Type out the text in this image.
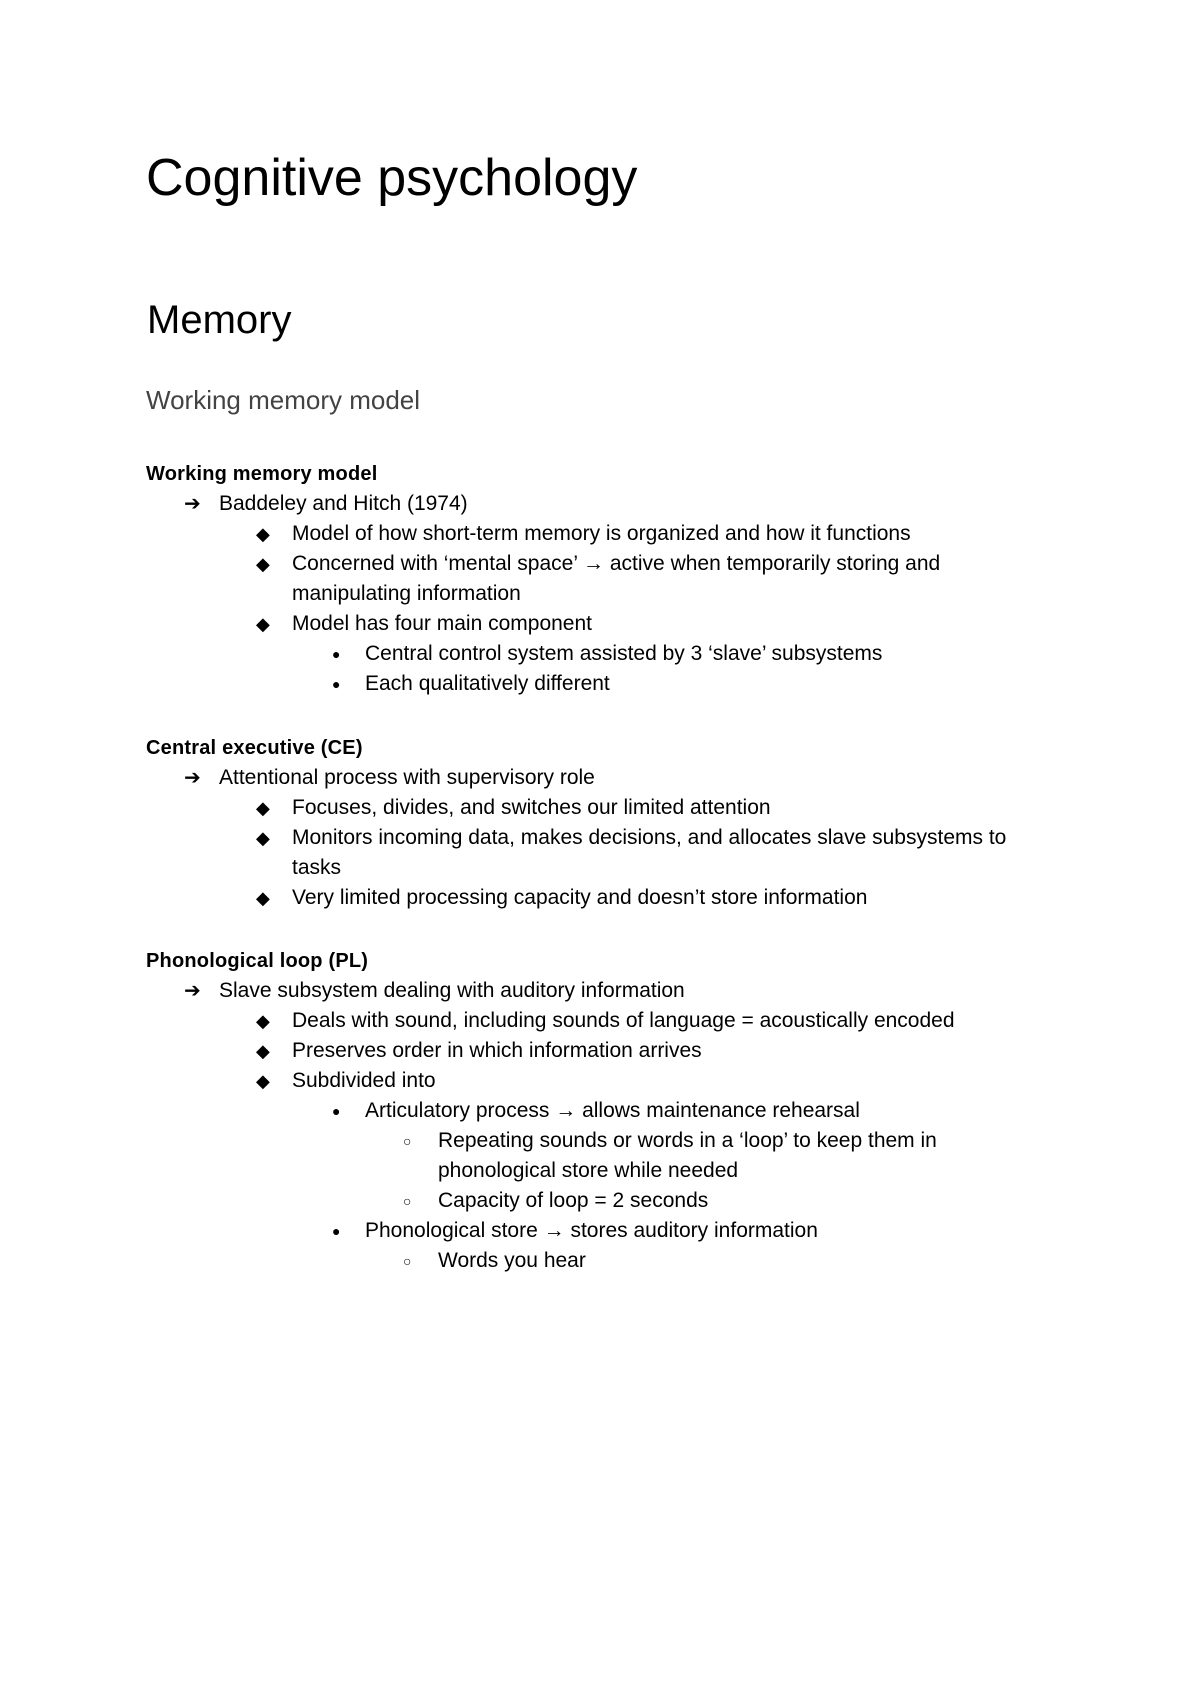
Cognitive psychology
Memory
Working memory model
Working memory model
➔ Baddeley and Hitch (1974)
◆ Model of how short-term memory is organized and how it functions
◆ Concerned with ‘mental space’ → active when temporarily storing and
manipulating information
◆ Model has four main component
● Central control system assisted by 3 ‘slave’ subsystems
● Each qualitatively different
Central executive (CE)
➔ Attentional process with supervisory role
◆ Focuses, divides, and switches our limited attention
◆ Monitors incoming data, makes decisions, and allocates slave subsystems to
tasks
◆ Very limited processing capacity and doesn’t store information
Phonological loop (PL)
➔ Slave subsystem dealing with auditory information
◆ Deals with sound, including sounds of language = acoustically encoded
◆ Preserves order in which information arrives
◆ Subdivided into
● Articulatory process → allows maintenance rehearsal
○ Repeating sounds or words in a ‘loop’ to keep them in
phonological store while needed
○ Capacity of loop = 2 seconds
● Phonological store → stores auditory information
○ Words you hear
